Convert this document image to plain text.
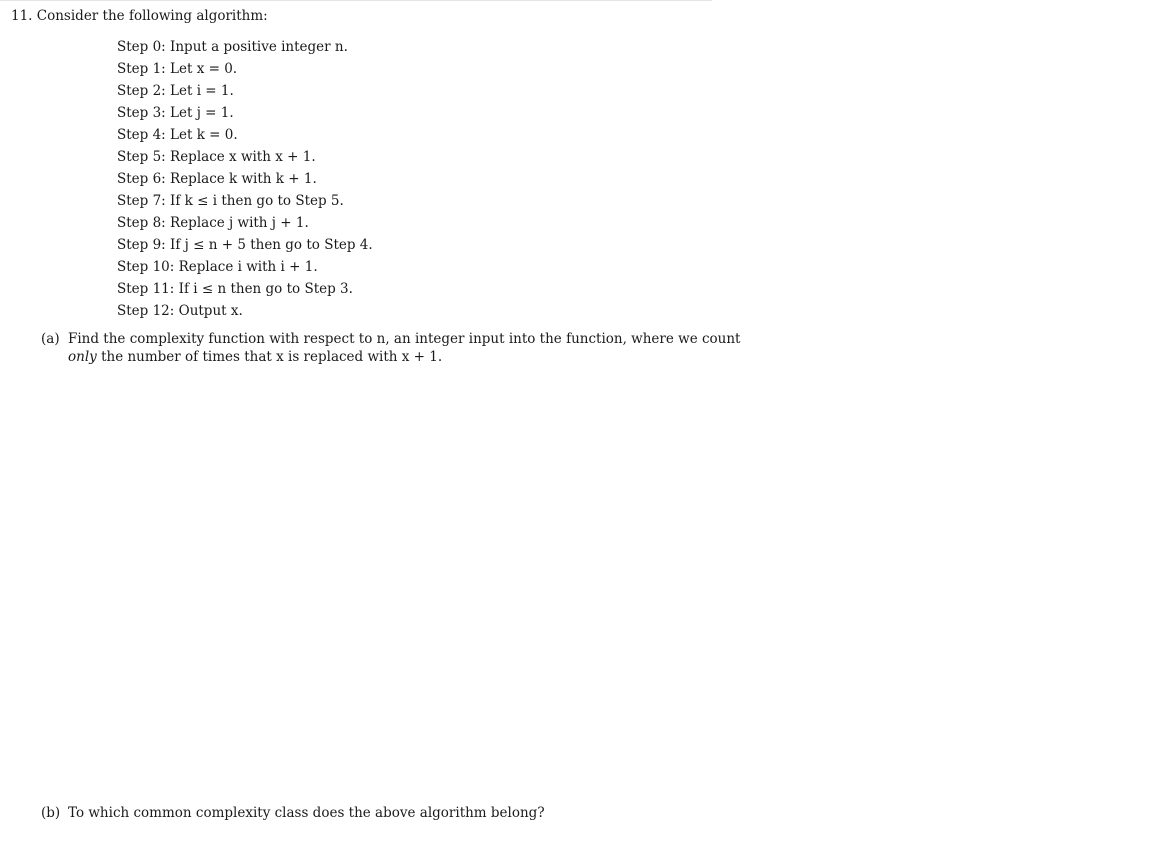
11. Consider the following algorithm:
Step 0: Input a positive integer n.
Step 1: Let x = 0.
Step 2: Let i = 1.
Step 3: Let j = 1.
Step 4: Let k = 0.
Step 5: Replace x with x + 1.
Step 6: Replace k with k + 1.
Step 7: If k ≤ i then go to Step 5.
Step 8: Replace j with j + 1.
Step 9: If j ≤ n + 5 then go to Step 4.
Step 10: Replace i with i + 1.
Step 11: If i ≤ n then go to Step 3.
Step 12: Output x.
(a) Find the complexity function with respect to n, an integer input into the function, where we count
only the number of times that x is replaced with x + 1.
(b) To which common complexity class does the above algorithm belong?
